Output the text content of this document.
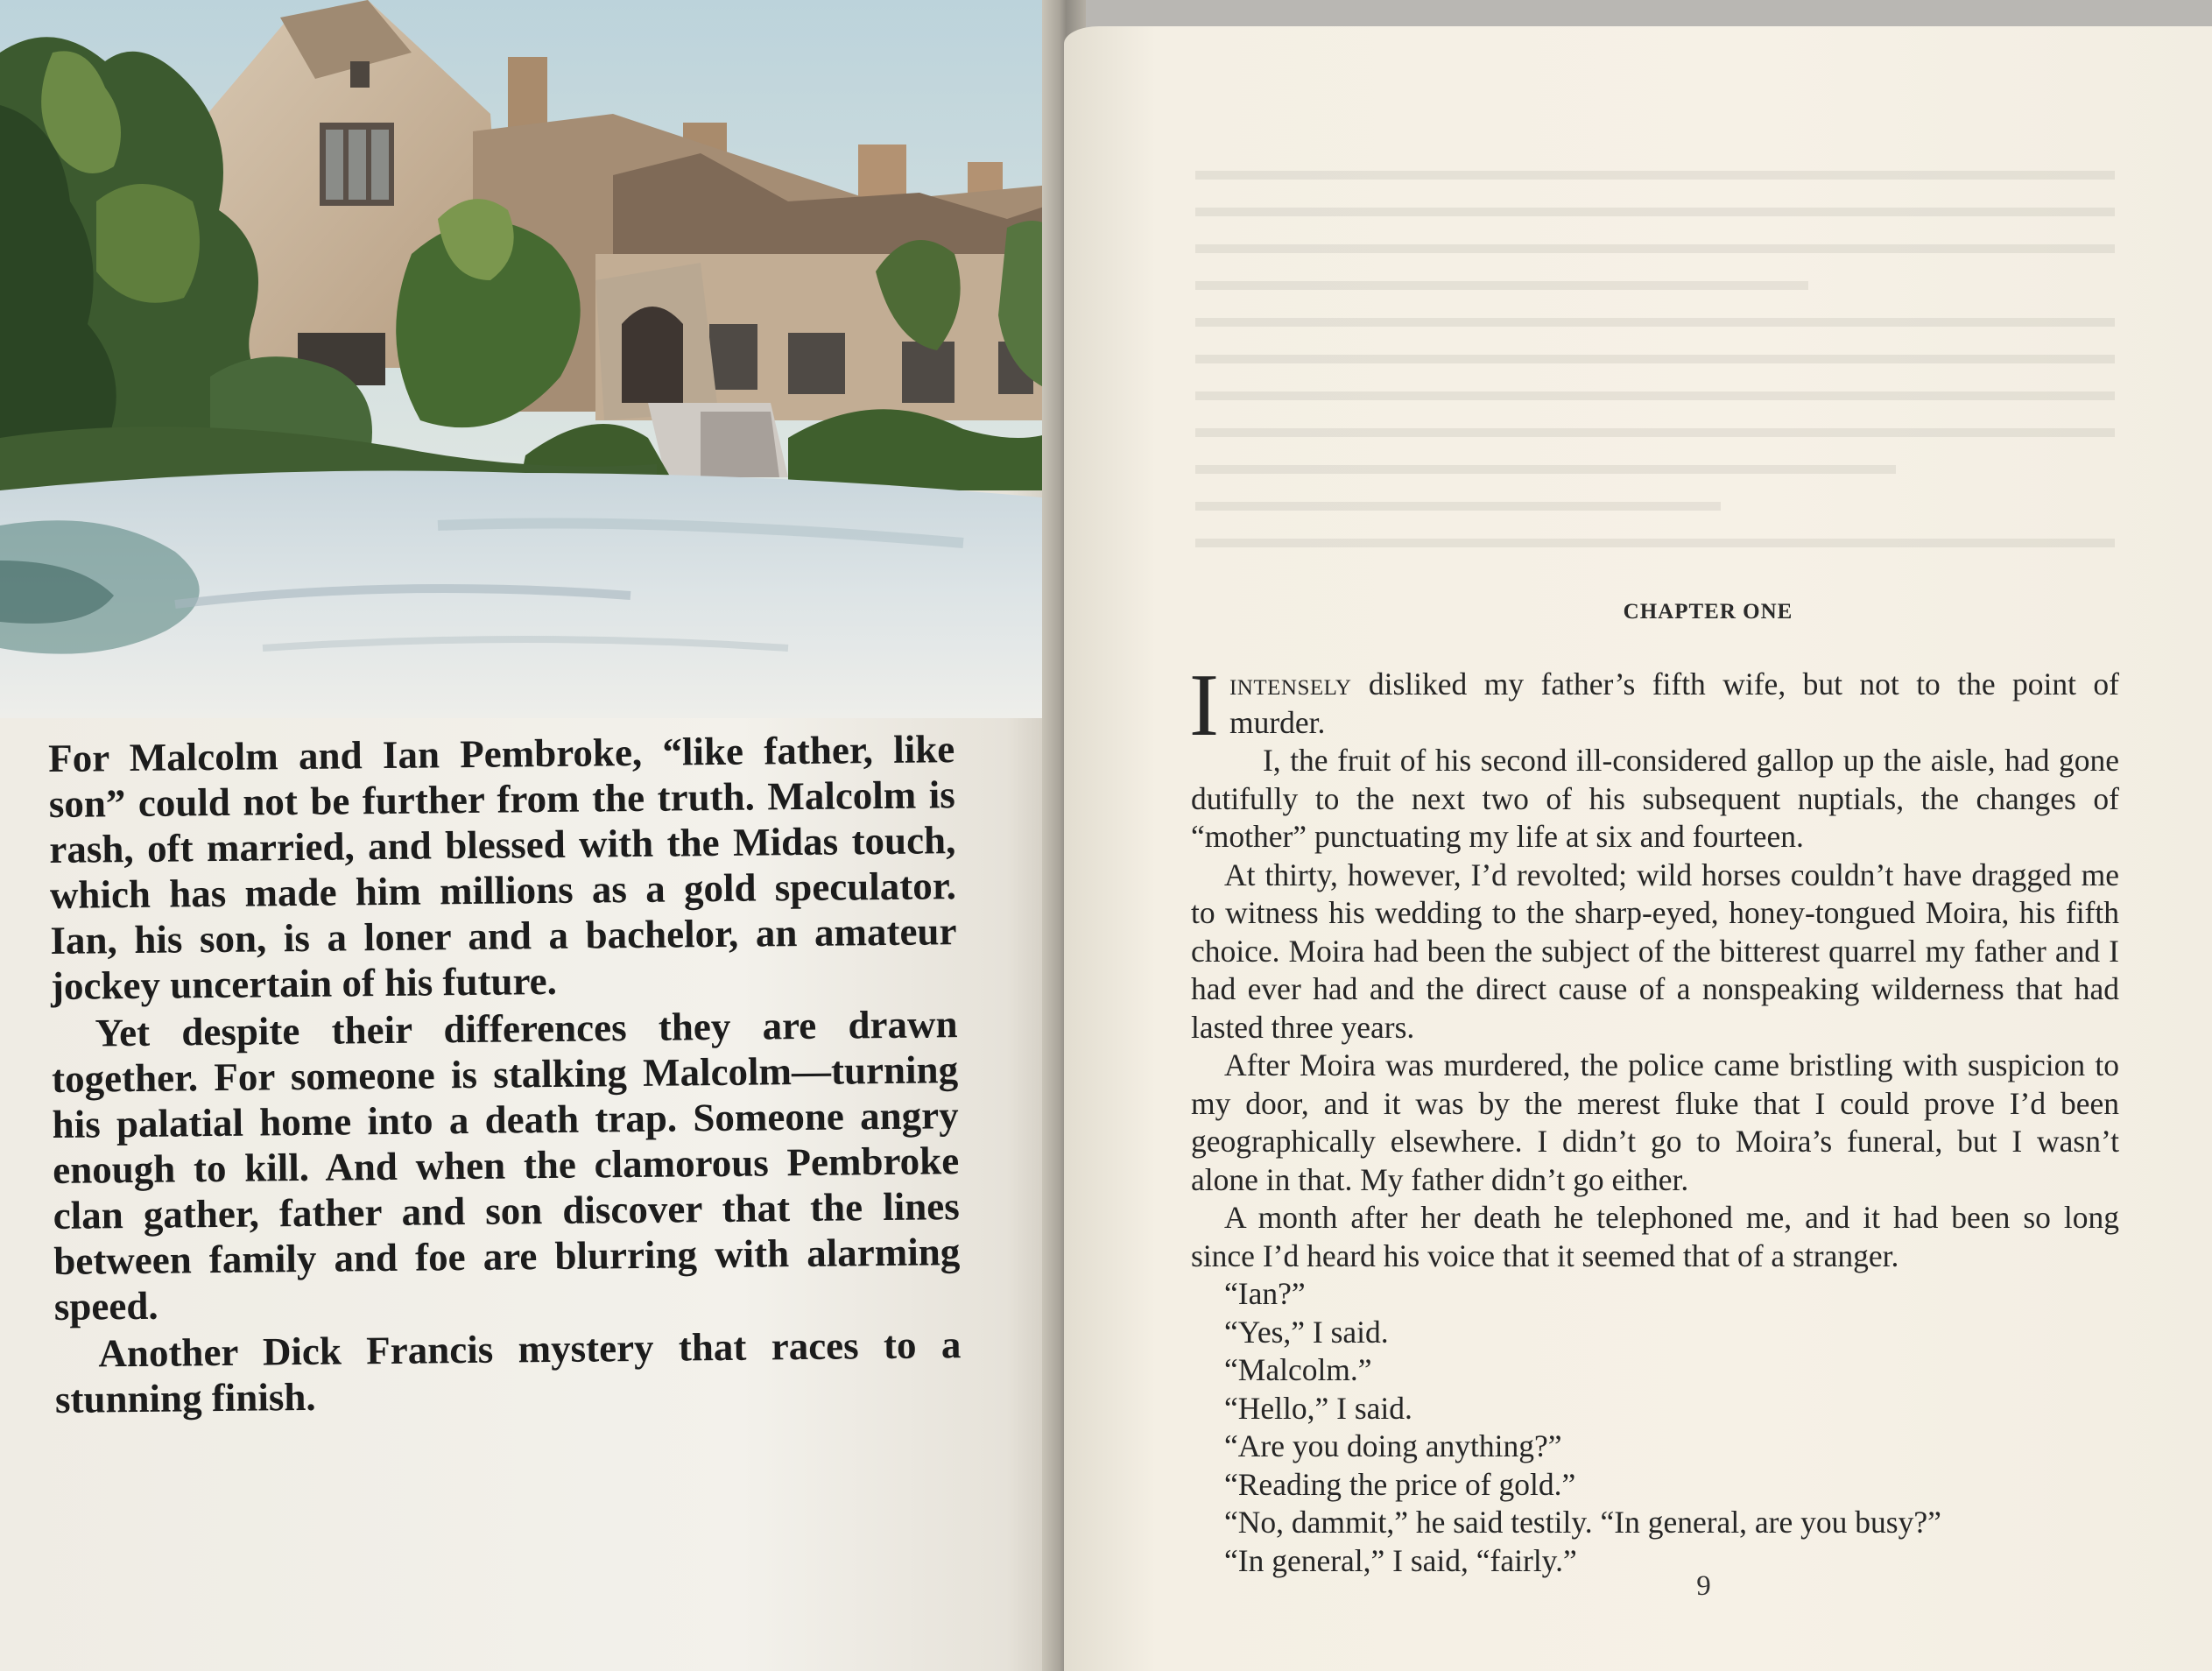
For Malcolm and Ian Pembroke, “like father, like son” could not be further from the truth. Malcolm is rash, oft married, and blessed with the Midas touch, which has made him millions as a gold speculator. Ian, his son, is a loner and a bachelor, an amateur jockey uncertain of his future.

Yet despite their differences they are drawn together. For someone is stalking Malcolm—turning his palatial home into a death trap. Someone angry enough to kill. And when the clamorous Pembroke clan gather, father and son discover that the lines between family and foe are blurring with alarming speed.

Another Dick Francis mystery that races to a stunning finish.

CHAPTER ONE

Iintensely disliked my father’s fifth wife, but not to the point of murder.

I, the fruit of his second ill-considered gallop up the aisle, had gone dutifully to the next two of his subsequent nuptials, the changes of “mother” punctuating my life at six and fourteen.

At thirty, however, I’d revolted; wild horses couldn’t have dragged me to witness his wedding to the sharp-eyed, honey-tongued Moira, his fifth choice. Moira had been the subject of the bitterest quarrel my father and I had ever had and the direct cause of a nonspeaking wilderness that had lasted three years.

After Moira was murdered, the police came bristling with suspicion to my door, and it was by the merest fluke that I could prove I’d been geographically elsewhere. I didn’t go to Moira’s funeral, but I wasn’t alone in that. My father didn’t go either.

A month after her death he telephoned me, and it had been so long since I’d heard his voice that it seemed that of a stranger.

“Ian?”

“Yes,” I said.

“Malcolm.”

“Hello,” I said.

“Are you doing anything?”

“Reading the price of gold.”

“No, dammit,” he said testily. “In general, are you busy?”

“In general,” I said, “fairly.”

9
